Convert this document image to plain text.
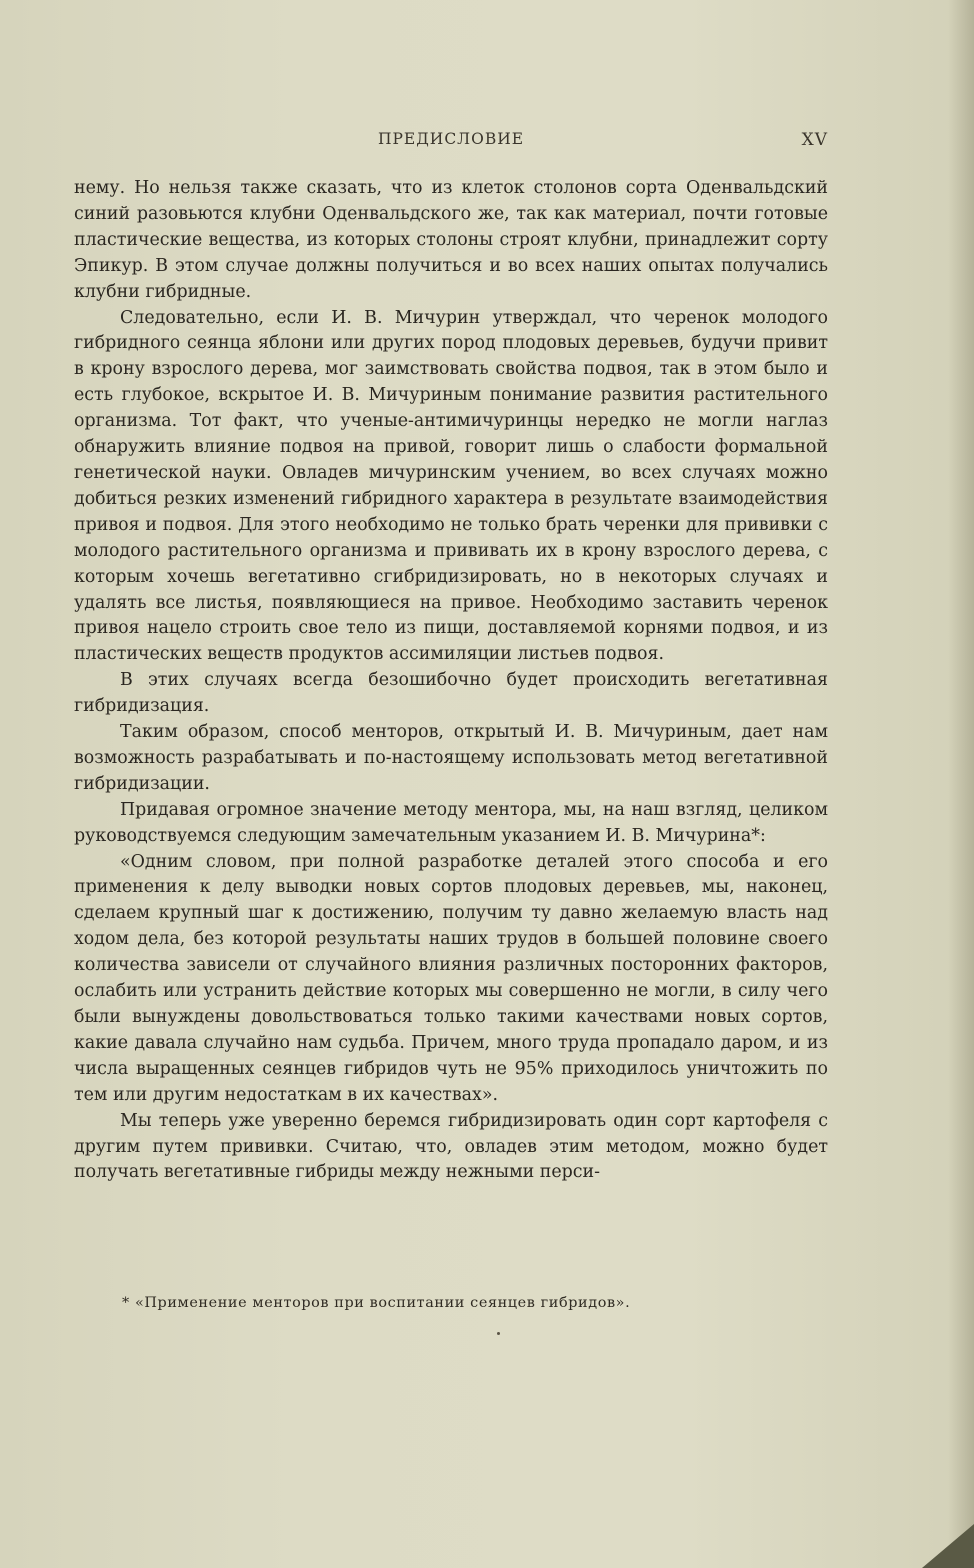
ПРЕДИСЛОВИЕ	XV

нему. Но нельзя также сказать, что из клеток столонов сорта Оденвальдский синий разовьются клубни Оденвальдского же, так как материал, почти готовые пластические вещества, из которых столоны строят клубни, принадлежит сорту Эпикур. В этом случае должны получиться и во всех наших опытах получались клубни гибридные.

Следовательно, если И. В. Мичурин утверждал, что черенок молодого гибридного сеянца яблони или других пород плодовых деревьев, будучи привит в крону взрослого дерева, мог заимствовать свойства подвоя, так в этом было и есть глубокое, вскрытое И. В. Мичуриным понимание развития растительного организма. Тот факт, что ученые-антимичуринцы нередко не могли наглаз обнаружить влияние подвоя на привой, говорит лишь о слабости формальной генетической науки. Овладев мичуринским учением, во всех случаях можно добиться резких изменений гибридного характера в результате взаимодействия привоя и подвоя. Для этого необходимо не только брать черенки для прививки с молодого растительного организма и прививать их в крону взрослого дерева, с которым хочешь вегетативно сгибридизировать, но в некоторых случаях и удалять все листья, появляющиеся на привое. Необходимо заставить черенок привоя нацело строить свое тело из пищи, доставляемой корнями подвоя, и из пластических веществ продуктов ассимиляции листьев подвоя.

В этих случаях всегда безошибочно будет происходить вегетативная гибридизация.

Таким образом, способ менторов, открытый И. В. Мичуриным, дает нам возможность разрабатывать и по-настоящему использовать метод вегетативной гибридизации.

Придавая огромное значение методу ментора, мы, на наш взгляд, целиком руководствуемся следующим замечательным указанием И. В. Мичурина*:

«Одним словом, при полной разработке деталей этого способа и его применения к делу выводки новых сортов плодовых деревьев, мы, наконец, сделаем крупный шаг к достижению, получим ту давно желаемую власть над ходом дела, без которой результаты наших трудов в большей половине своего количества зависели от случайного влияния различных посторонних факторов, ослабить или устранить действие которых мы совершенно не могли, в силу чего были вынуждены довольствоваться только такими качествами новых сортов, какие давала случайно нам судьба. Причем, много труда пропадало даром, и из числа выращенных сеянцев гибридов чуть не 95% приходилось уничтожить по тем или другим недостаткам в их качествах».

Мы теперь уже уверенно беремся гибридизировать один сорт картофеля с другим путем прививки. Считаю, что, овладев этим методом, можно будет получать вегетативные гибриды между нежными перси-

* «Применение менторов при воспитании сеянцев гибридов».
